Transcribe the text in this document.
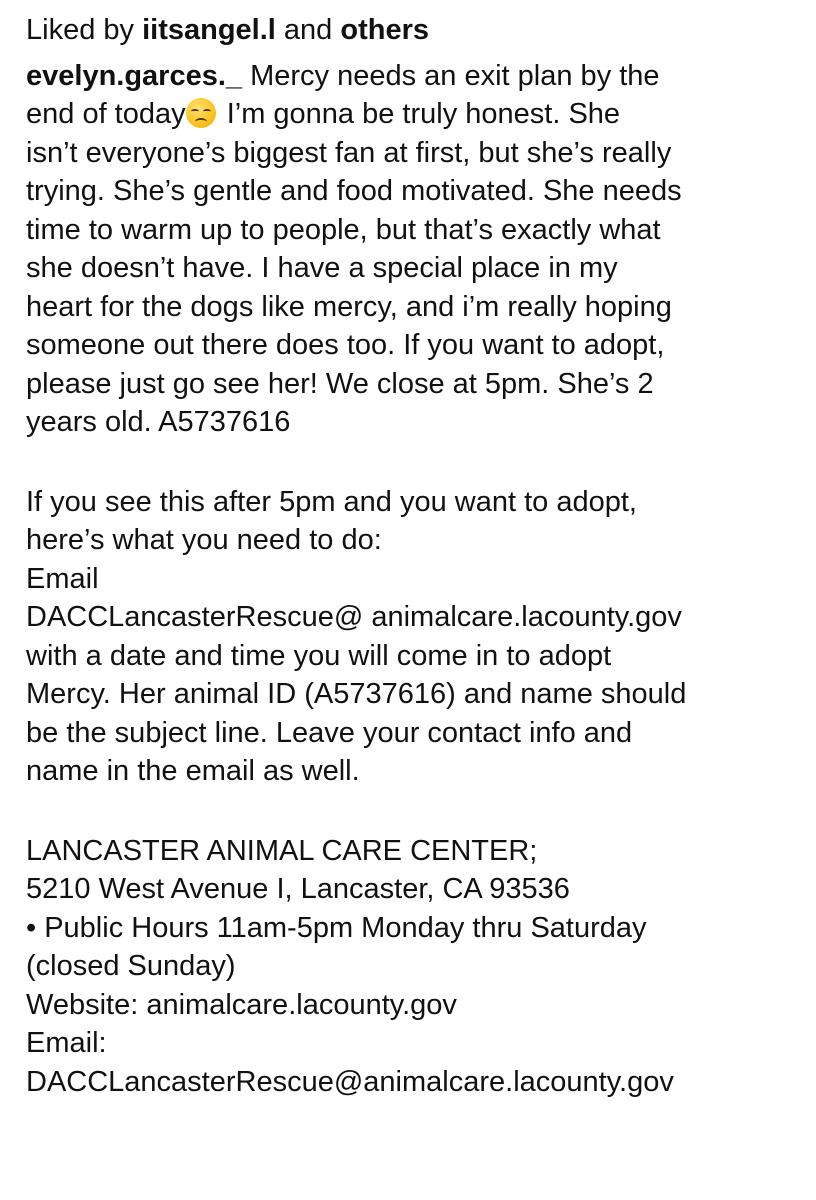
Liked by iitsangel.l and others
evelyn.garces._ Mercy needs an exit plan by the
end of today
I’m gonna be truly honest. She
isn’t everyone’s biggest fan at first, but she’s really
trying. She’s gentle and food motivated. She needs
time to warm up to people, but that’s exactly what
she doesn’t have. I have a special place in my
heart for the dogs like mercy, and i’m really hoping
someone out there does too. If you want to adopt,
please just go see her! We close at 5pm. She’s 2
years old. A5737616
If you see this after 5pm and you want to adopt,
here’s what you need to do:
Email
DACCLancasterRescue@ animalcare.lacounty.gov
with a date and time you will come in to adopt
Mercy. Her animal ID (A5737616) and name should
be the subject line. Leave your contact info and
name in the email as well.
LANCASTER ANIMAL CARE CENTER;
5210 West Avenue I, Lancaster, CA 93536
• Public Hours 11am-5pm Monday thru Saturday
(closed Sunday)
Website: animalcare.lacounty.gov
Email:
DACCLancasterRescue@animalcare.lacounty.gov
